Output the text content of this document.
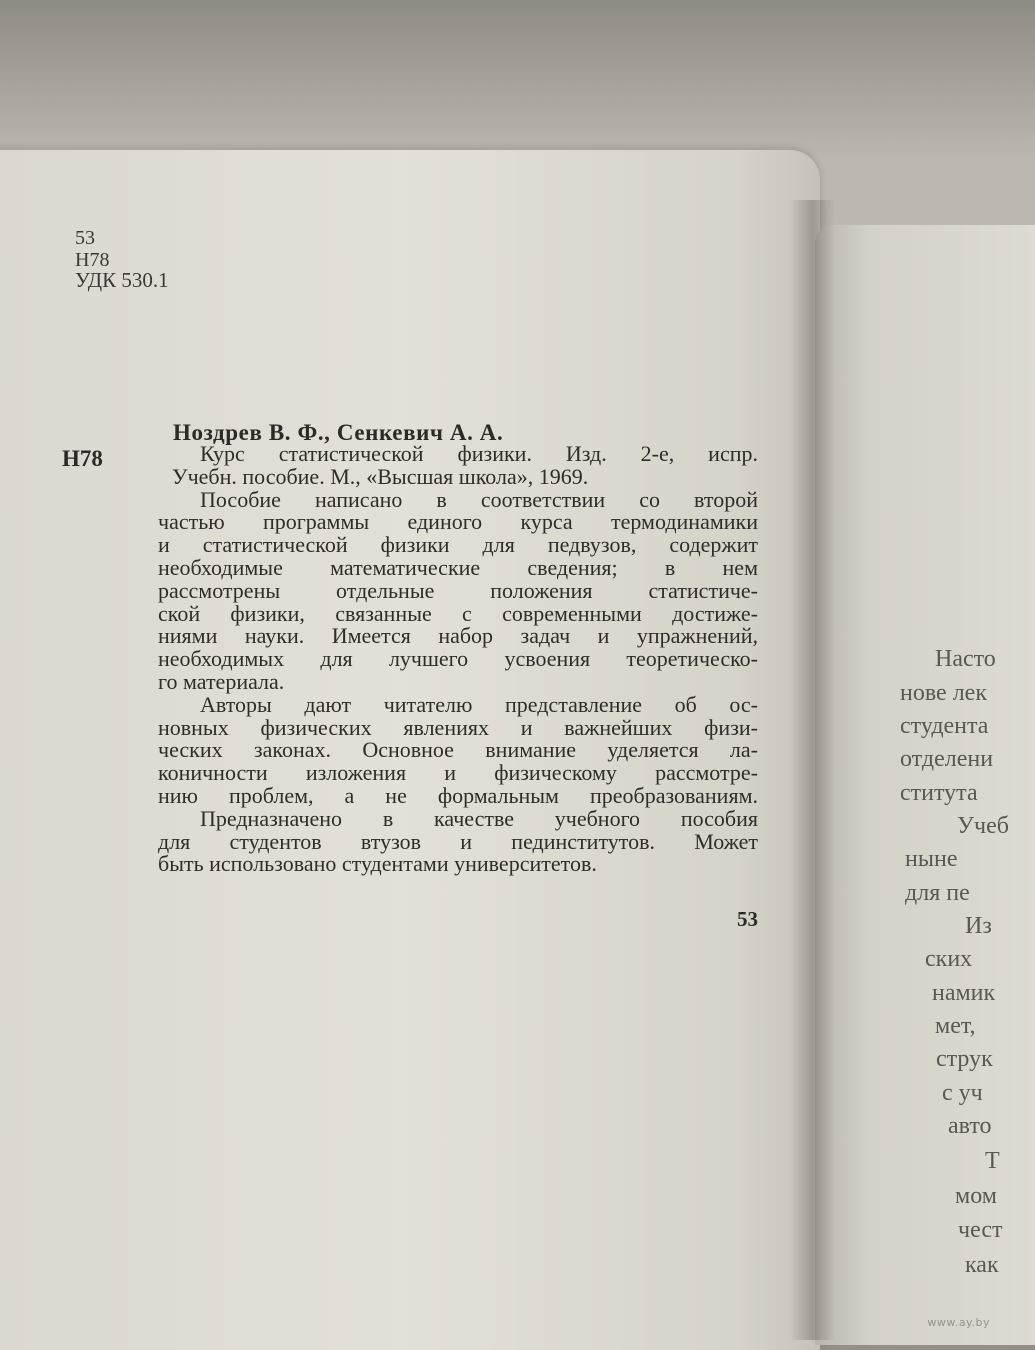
53
Н78
УДК 530.1
Н78
Ноздрев В. Ф., Сенкевич А. А.
Курс статистической физики. Изд. 2-е, испр.
Учебн. пособие. М., «Высшая школа», 1969.
Пособие написано в соответствии со второй
частью программы единого курса термодинамики
и статистической физики для педвузов, содержит
необходимые математические сведения; в нем
рассмотрены отдельные положения статистиче-
ской физики, связанные с современными достиже-
ниями науки. Имеется набор задач и упражнений,
необходимых для лучшего усвоения теоретическо-
го материала.
Авторы дают читателю представление об ос-
новных физических явлениях и важнейших физи-
ческих законах. Основное внимание уделяется ла-
коничности изложения и физическому рассмотре-
нию проблем, а не формальным преобразованиям.
Предназначено в качестве учебного пособия
для студентов втузов и пединститутов. Может
быть использовано студентами университетов.
53
Насто
нове лек
студента
отделени
ститута
Учеб
ныне
для пе
Из
ских
намик
мет,
струк
с уч
авто
Т
мом
чест
как
www.ay.by
